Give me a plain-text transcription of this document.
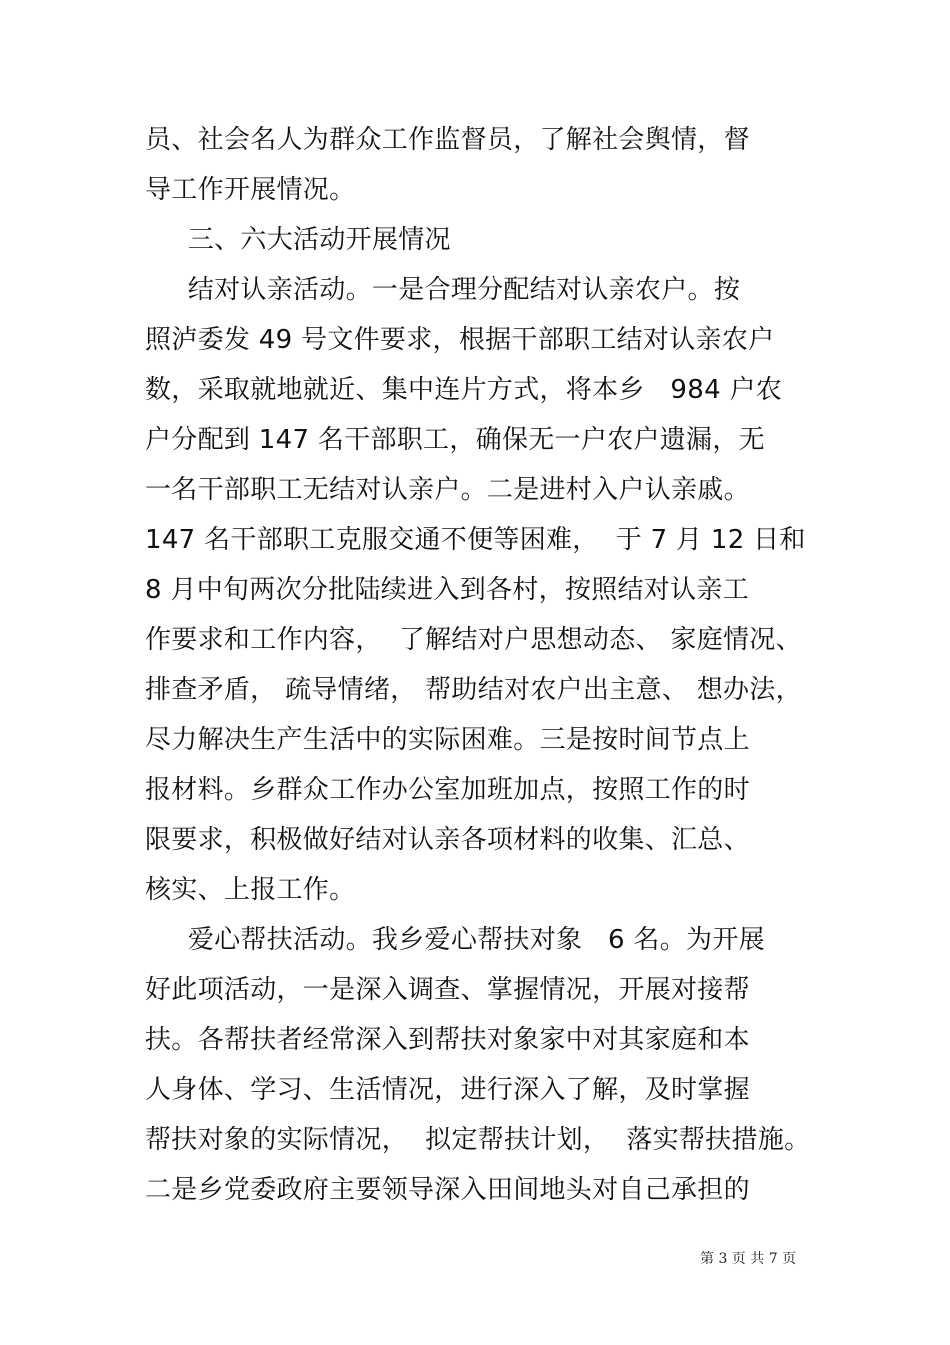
员、社会名人为群众工作监督员，了解社会舆情，督
导工作开展情况。
三、六大活动开展情况
结对认亲活动。一是合理分配结对认亲农户。按
照泸委发 49 号文件要求，根据干部职工结对认亲农户
数，采取就地就近、集中连片方式，将本乡   984 户农
户分配到 147 名干部职工，确保无一户农户遗漏，无
一名干部职工无结对认亲户。二是进村入户认亲戚。
147 名干部职工克服交通不便等困难，  于 7 月 12 日和
8 月中旬两次分批陆续进入到各村，按照结对认亲工
作要求和工作内容，  了解结对户思想动态、 家庭情况、
排查矛盾， 疏导情绪， 帮助结对农户出主意、 想办法，
尽力解决生产生活中的实际困难。三是按时间节点上
报材料。乡群众工作办公室加班加点，按照工作的时
限要求，积极做好结对认亲各项材料的收集、汇总、
核实、上报工作。
爱心帮扶活动。我乡爱心帮扶对象   6 名。为开展
好此项活动，一是深入调查、掌握情况，开展对接帮
扶。各帮扶者经常深入到帮扶对象家中对其家庭和本
人身体、学习、生活情况，进行深入了解，及时掌握
帮扶对象的实际情况，  拟定帮扶计划，  落实帮扶措施。
二是乡党委政府主要领导深入田间地头对自己承担的
第 3 页 共 7 页
